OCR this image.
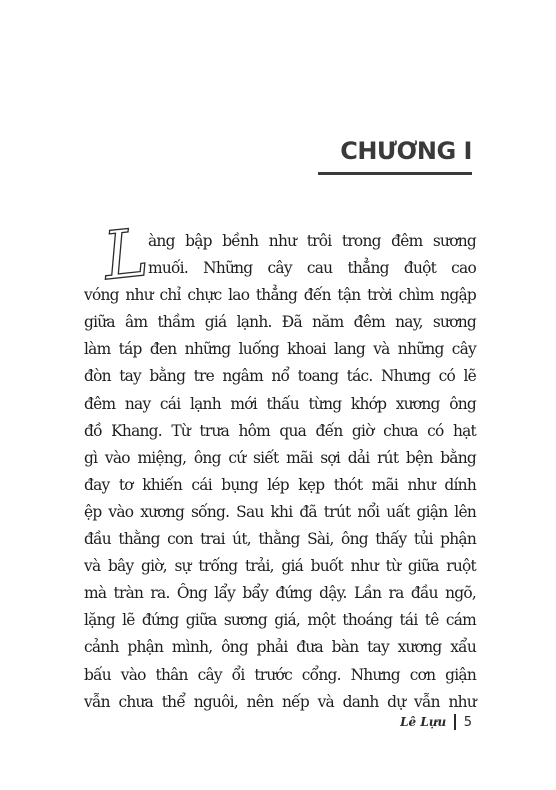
CHƯƠNG I
L
àng bập bềnh như trôi trong đêm sương
muối. Những cây cau thẳng đuột cao
vóng như chỉ chực lao thẳng đến tận trời chìm ngập
giữa âm thầm giá lạnh. Đã năm đêm nay, sương
làm táp đen những luống khoai lang và những cây
đòn tay bằng tre ngâm nổ toang tác. Nhưng có lẽ
đêm nay cái lạnh mới thấu từng khớp xương ông
đồ Khang. Từ trưa hôm qua đến giờ chưa có hạt
gì vào miệng, ông cứ siết mãi sợi dải rút bện bằng
đay tơ khiến cái bụng lép kẹp thót mãi như dính
ệp vào xương sống. Sau khi đã trút nổi uất giận lên
đầu thằng con trai út, thằng Sài, ông thấy tủi phận
và bây giờ, sự trống trải, giá buốt như từ giữa ruột
mà tràn ra. Ông lẩy bẩy đứng dậy. Lần ra đầu ngõ,
lặng lẽ đứng giữa sương giá, một thoáng tái tê cám
cảnh phận mình, ông phải đưa bàn tay xương xẩu
bấu vào thân cây ổi trước cổng. Nhưng cơn giận
vẫn chưa thể nguôi, nên nếp và danh dự vẫn như
Lê Lựu 5
